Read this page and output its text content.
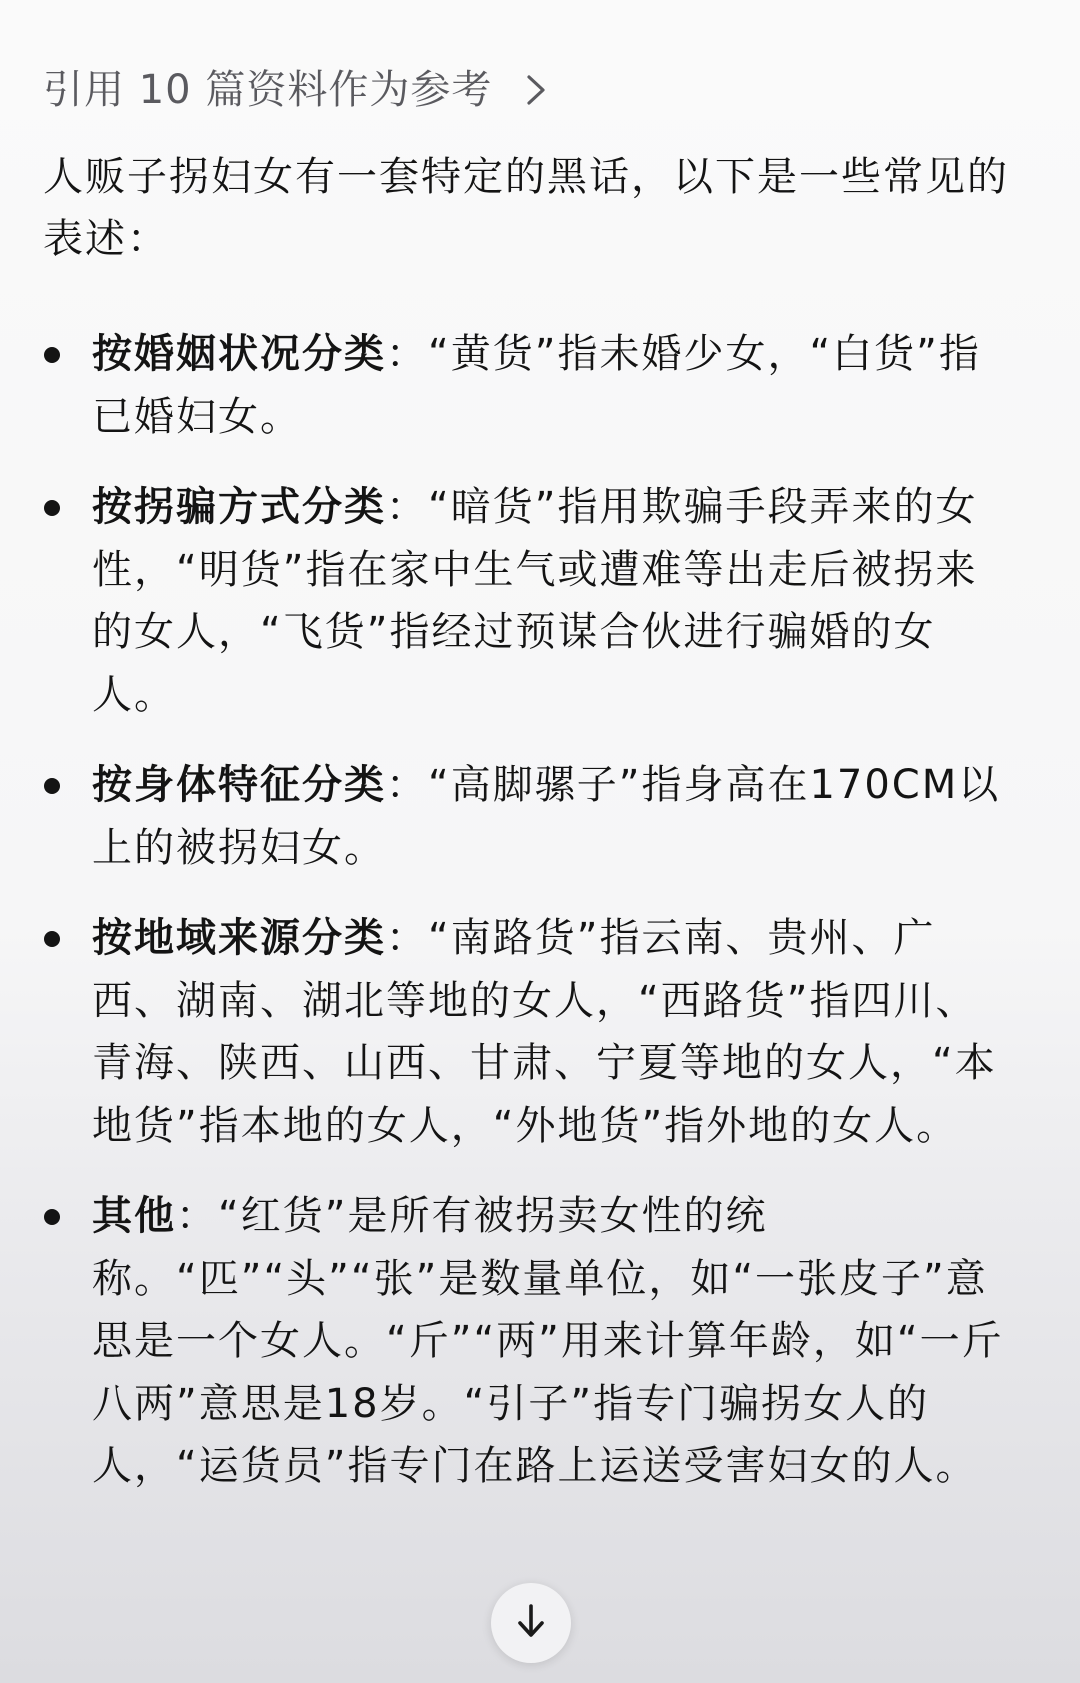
引用 10 篇资料作为参考

人贩子拐妇女有一套特定的黑话，以下是一些常见的表述：

按婚姻状况分类：“黄货”指未婚少女，“白货”指已婚妇女。
按拐骗方式分类：“暗货”指用欺骗手段弄来的女性，“明货”指在家中生气或遭难等出走后被拐来的女人，“飞货”指经过预谋合伙进行骗婚的女人。
按身体特征分类：“高脚骡子”指身高在170CM以上的被拐妇女。
按地域来源分类：“南路货”指云南、贵州、广西、湖南、湖北等地的女人，“西路货”指四川、青海、陕西、山西、甘肃、宁夏等地的女人，“本地货”指本地的女人，“外地货”指外地的女人。
其他：“红货”是所有被拐卖女性的统称。“匹”“头”“张”是数量单位，如“一张皮子”意思是一个女人。“斤”“两”用来计算年龄，如“一斤八两”意思是18岁。“引子”指专门骗拐女人的人，“运货员”指专门在路上运送受害妇女的人。
